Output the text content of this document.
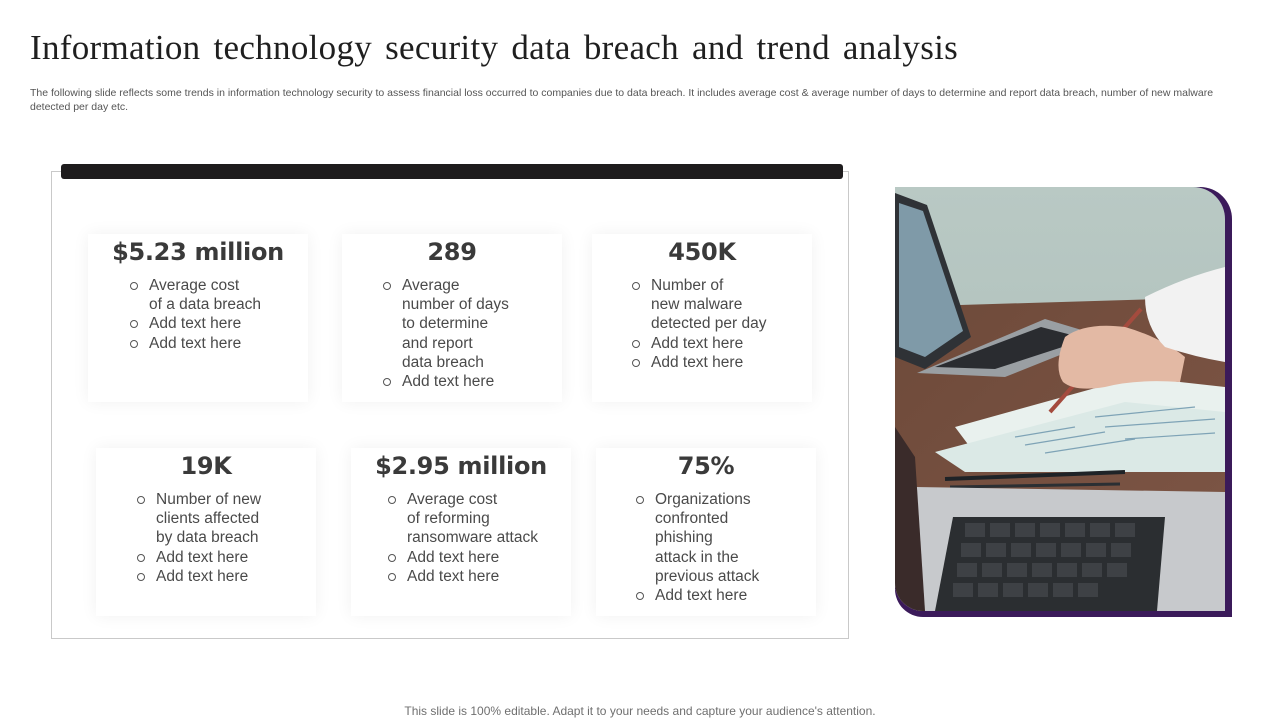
Information technology security data breach and trend analysis

The following slide reflects some trends in information technology security to assess financial loss occurred to companies due to data breach. It includes average cost & average number of days to determine and report data breach, number of new malware detected per day etc.

$5.23 million
Average cost
of a data breach
Add text here
Add text here
289
Average
number of days
to determine
and report
data breach
Add text here
450K
Number of
new malware
detected per day
Add text here
Add text here
19K
Number of new
clients affected
by data breach
Add text here
Add text here
$2.95 million
Average cost
of reforming
ransomware attack
Add text here
Add text here
75%
Organizations
confronted
phishing
attack in the
previous attack
Add text here
This slide is 100% editable. Adapt it to your needs and capture your audience's attention.
